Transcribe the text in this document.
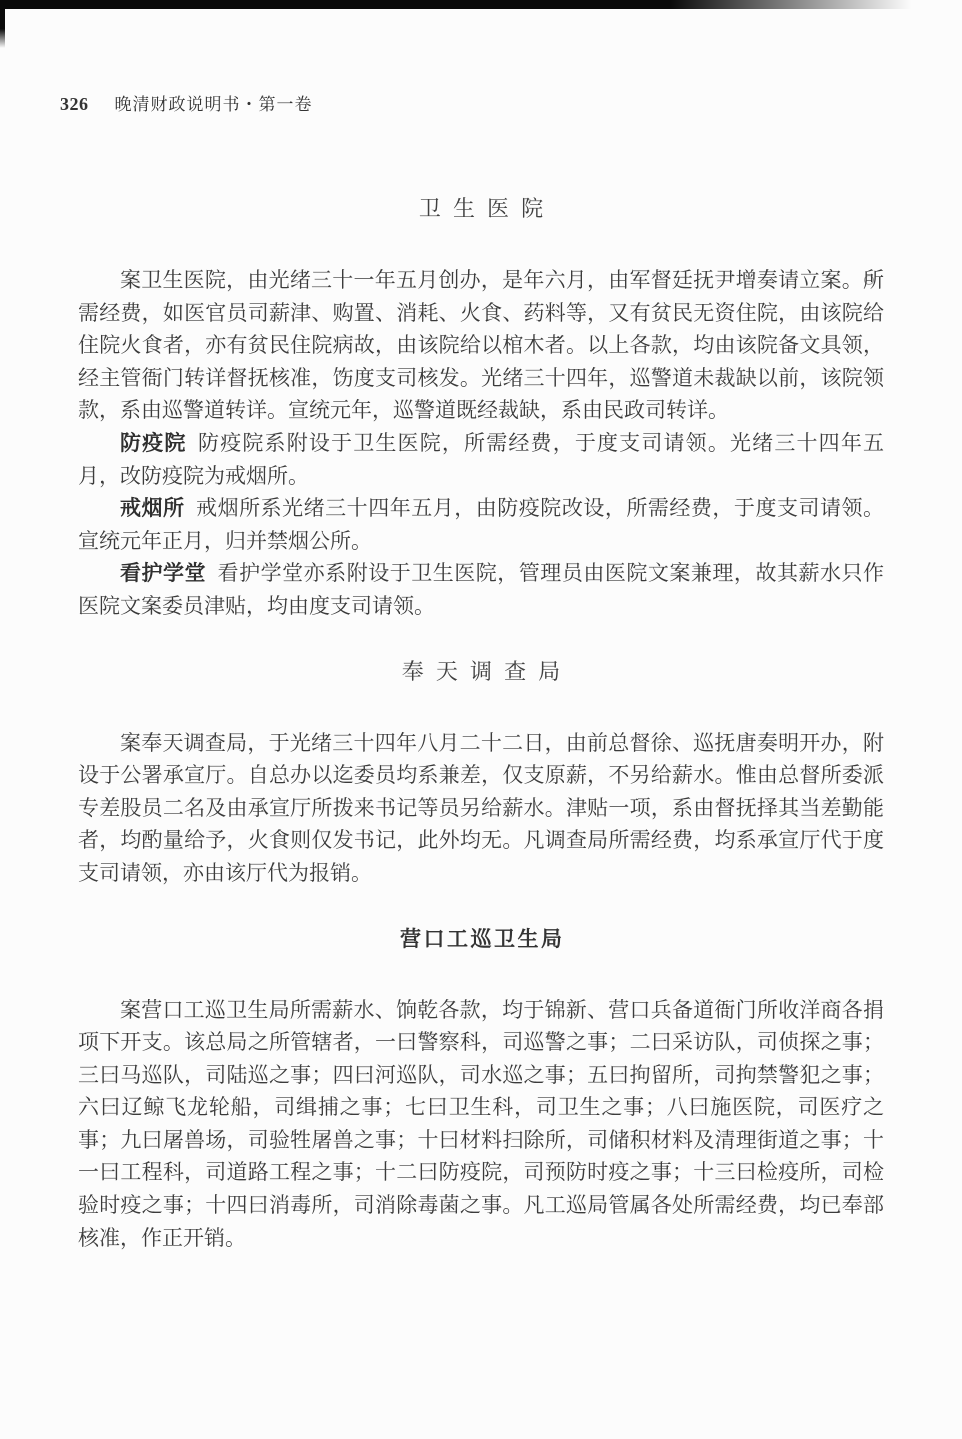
326 晚清财政说明书・第一卷
卫生医院

案卫生医院，由光绪三十一年五月创办，是年六月，由军督廷抚尹增奏请立案。所需经费，如医官员司薪津、购置、消耗、火食、药料等，又有贫民无资住院，由该院给住院火食者，亦有贫民住院病故，由该院给以棺木者。以上各款，均由该院备文具领，经主管衙门转详督抚核准，饬度支司核发。光绪三十四年，巡警道未裁缺以前，该院领款，系由巡警道转详。宣统元年，巡警道既经裁缺，系由民政司转详。

防疫院 防疫院系附设于卫生医院，所需经费，于度支司请领。光绪三十四年五月，改防疫院为戒烟所。

戒烟所 戒烟所系光绪三十四年五月，由防疫院改设，所需经费，于度支司请领。宣统元年正月，归并禁烟公所。

看护学堂 看护学堂亦系附设于卫生医院，管理员由医院文案兼理，故其薪水只作医院文案委员津贴，均由度支司请领。

奉天调查局

案奉天调查局，于光绪三十四年八月二十二日，由前总督徐、巡抚唐奏明开办，附设于公署承宣厅。自总办以迄委员均系兼差，仅支原薪，不另给薪水。惟由总督所委派专差股员二名及由承宣厅所拨来书记等员另给薪水。津贴一项，系由督抚择其当差勤能者，均酌量给予，火食则仅发书记，此外均无。凡调查局所需经费，均系承宣厅代于度支司请领，亦由该厅代为报销。

营口工巡卫生局

案营口工巡卫生局所需薪水、饷乾各款，均于锦新、营口兵备道衙门所收洋商各捐项下开支。该总局之所管辖者，一曰警察科，司巡警之事；二曰采访队，司侦探之事；三曰马巡队，司陆巡之事；四曰河巡队，司水巡之事；五曰拘留所，司拘禁警犯之事；六曰辽鲸飞龙轮船，司缉捕之事；七曰卫生科，司卫生之事；八曰施医院，司医疗之事；九曰屠兽场，司验牲屠兽之事；十曰材料扫除所，司储积材料及清理街道之事；十一曰工程科，司道路工程之事；十二曰防疫院，司预防时疫之事；十三曰检疫所，司检验时疫之事；十四曰消毒所，司消除毒菌之事。凡工巡局管属各处所需经费，均已奉部核准，作正开销。
